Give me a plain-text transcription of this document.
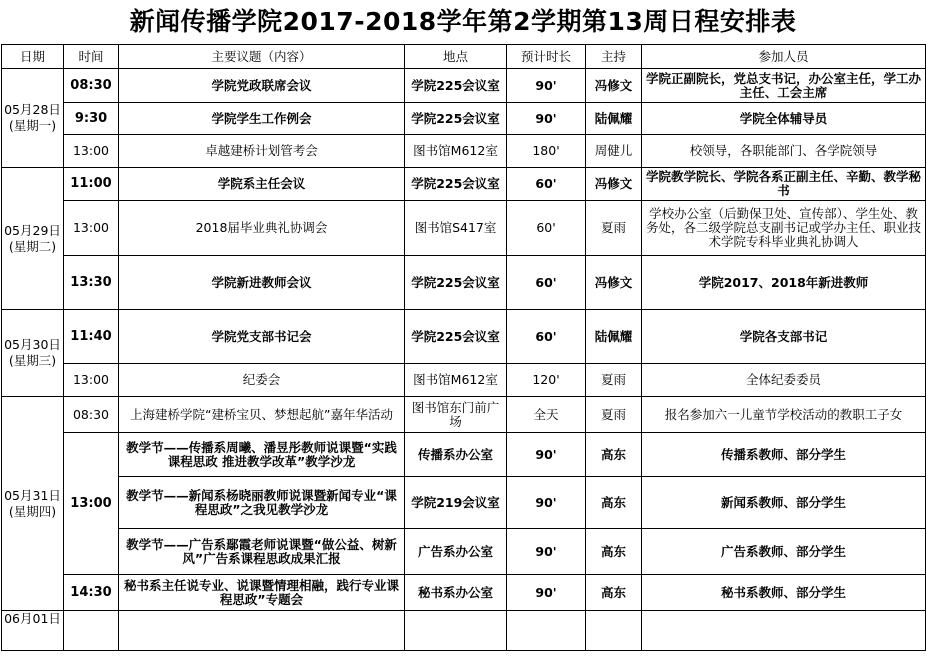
新闻传播学院2017-2018学年第2学期第13周日程安排表
日期	时间	主要议题（内容）	地点	预计时长	主持	参加人员
05月28日
(星期一)	08:30	学院党政联席会议	学院225会议室	90'	冯修文	学院正副院长，党总支书记，办公室主任，学工办主任、工会主席
	9:30	学院学生工作例会	学院225会议室	90'	陆佩耀	学院全体辅导员
	13:00	卓越建桥计划管考会	图书馆M612室	180'	周健儿	校领导，各职能部门、各学院领导
05月29日
(星期二)	11:00	学院系主任会议	学院225会议室	60'	冯修文	学院教学院长、学院各系正副主任、辛勤、教学秘书
	13:00	2018届毕业典礼协调会	图书馆S417室	60'	夏雨	学校办公室（后勤保卫处、宣传部）、学生处、教务处，各二级学院总支副书记或学办主任、职业技术学院专科毕业典礼协调人
	13:30	学院新进教师会议	学院225会议室	60'	冯修文	学院2017、2018年新进教师
05月30日
(星期三)	11:40	学院党支部书记会	学院225会议室	60'	陆佩耀	学院各支部书记
	13:00	纪委会	图书馆M612室	120'	夏雨	全体纪委委员
05月31日
(星期四)	08:30	上海建桥学院“建桥宝贝、梦想起航”嘉年华活动	图书馆东门前广场	全天	夏雨	报名参加六一儿童节学校活动的教职工子女
	13:00	教学节——传播系周曦、潘昱彤教师说课暨“实践课程思政 推进教学改革”教学沙龙	传播系办公室	90'	高东	传播系教师、部分学生
		教学节——新闻系杨晓丽教师说课暨新闻专业“课程思政”之我见教学沙龙	学院219会议室	90'	高东	新闻系教师、部分学生
		教学节——广告系鄢霞老师说课暨“做公益、树新风”广告系课程思政成果汇报	广告系办公室	90'	高东	广告系教师、部分学生
	14:30	秘书系主任说专业、说课暨情理相融，践行专业课程思政”专题会	秘书系办公室	90'	高东	秘书系教师、部分学生
06月01日						
